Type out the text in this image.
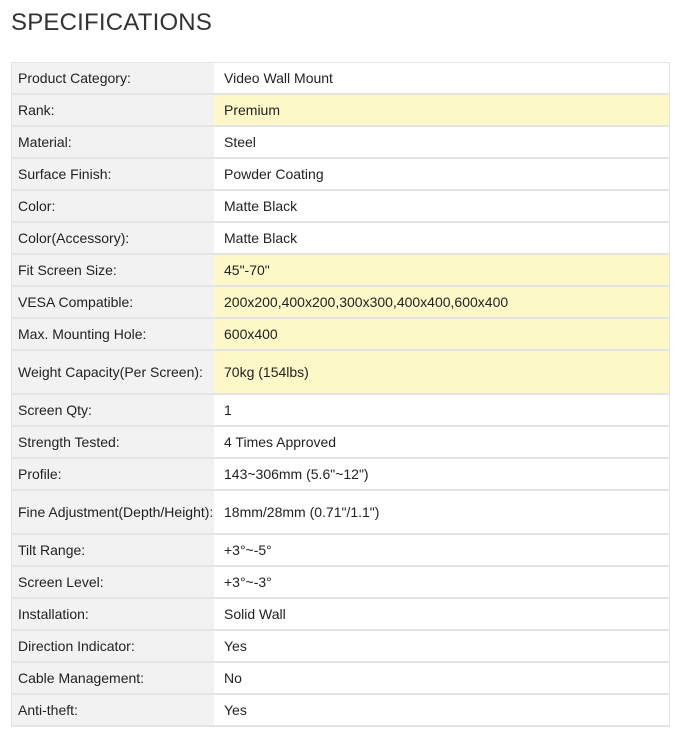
SPECIFICATIONS
Product Category:	Video Wall Mount
Rank:	Premium
Material:	Steel
Surface Finish:	Powder Coating
Color:	Matte Black
Color(Accessory):	Matte Black
Fit Screen Size:	45"-70"
VESA Compatible:	200x200,400x200,300x300,400x400,600x400
Max. Mounting Hole:	600x400
Weight Capacity(Per Screen):	70kg (154lbs)
Screen Qty:	1
Strength Tested:	4 Times Approved
Profile:	143~306mm (5.6"~12")
Fine Adjustment(Depth/Height):	18mm/28mm (0.71"/1.1")
Tilt Range:	+3°~-5°
Screen Level:	+3°~-3°
Installation:	Solid Wall
Direction Indicator:	Yes
Cable Management:	No
Anti-theft:	Yes
